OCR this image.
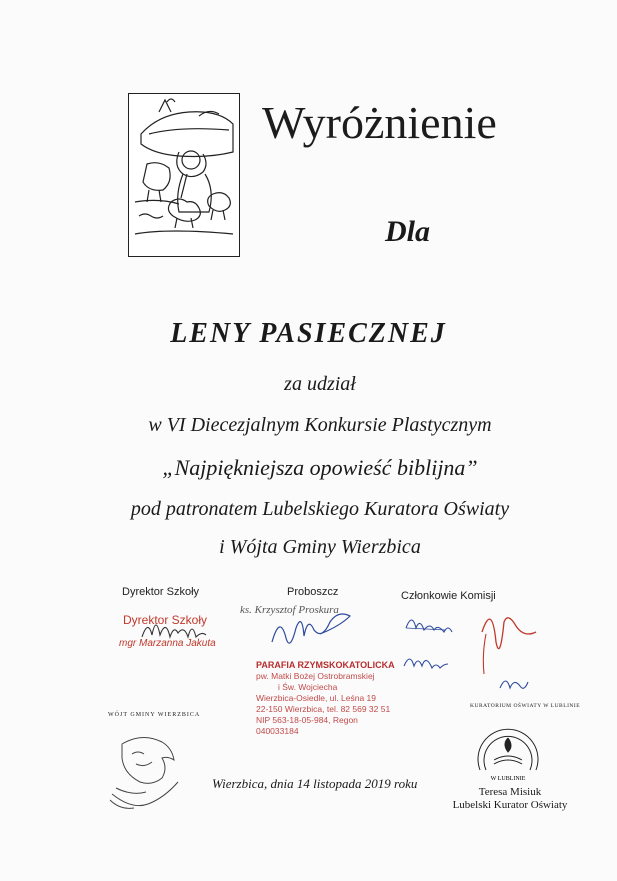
Wyróżnienie
Dla
LENY PASIECZNEJ
za udział
w VI Diecezjalnym Konkursie Plastycznym
„Najpiękniejsza opowieść biblijna”
pod patronatem Lubelskiego Kuratora Oświaty
i Wójta Gminy Wierzbica
Dyrektor Szkoły
Dyrektor Szkoły
mgr Marzanna Jakuta
Proboszcz
ks. Krzysztof Proskura
PARAFIA RZYMSKOKATOLICKA
pw. Matki Bożej Ostrobramskiej
i Św. Wojciecha
Wierzbica-Osiedle, ul. Leśna 19
22-150 Wierzbica, tel. 82 569 32 51
NIP 563-18-05-984, Regon 040033184
Członkowie Komisji
WÓJT GMINY WIERZBICA
Wierzbica, dnia 14 listopada 2019 roku	W LUBLINIE
KURATORIUM OŚWIATY W LUBLINIE
Teresa Misiuk
Lubelski Kurator Oświaty
